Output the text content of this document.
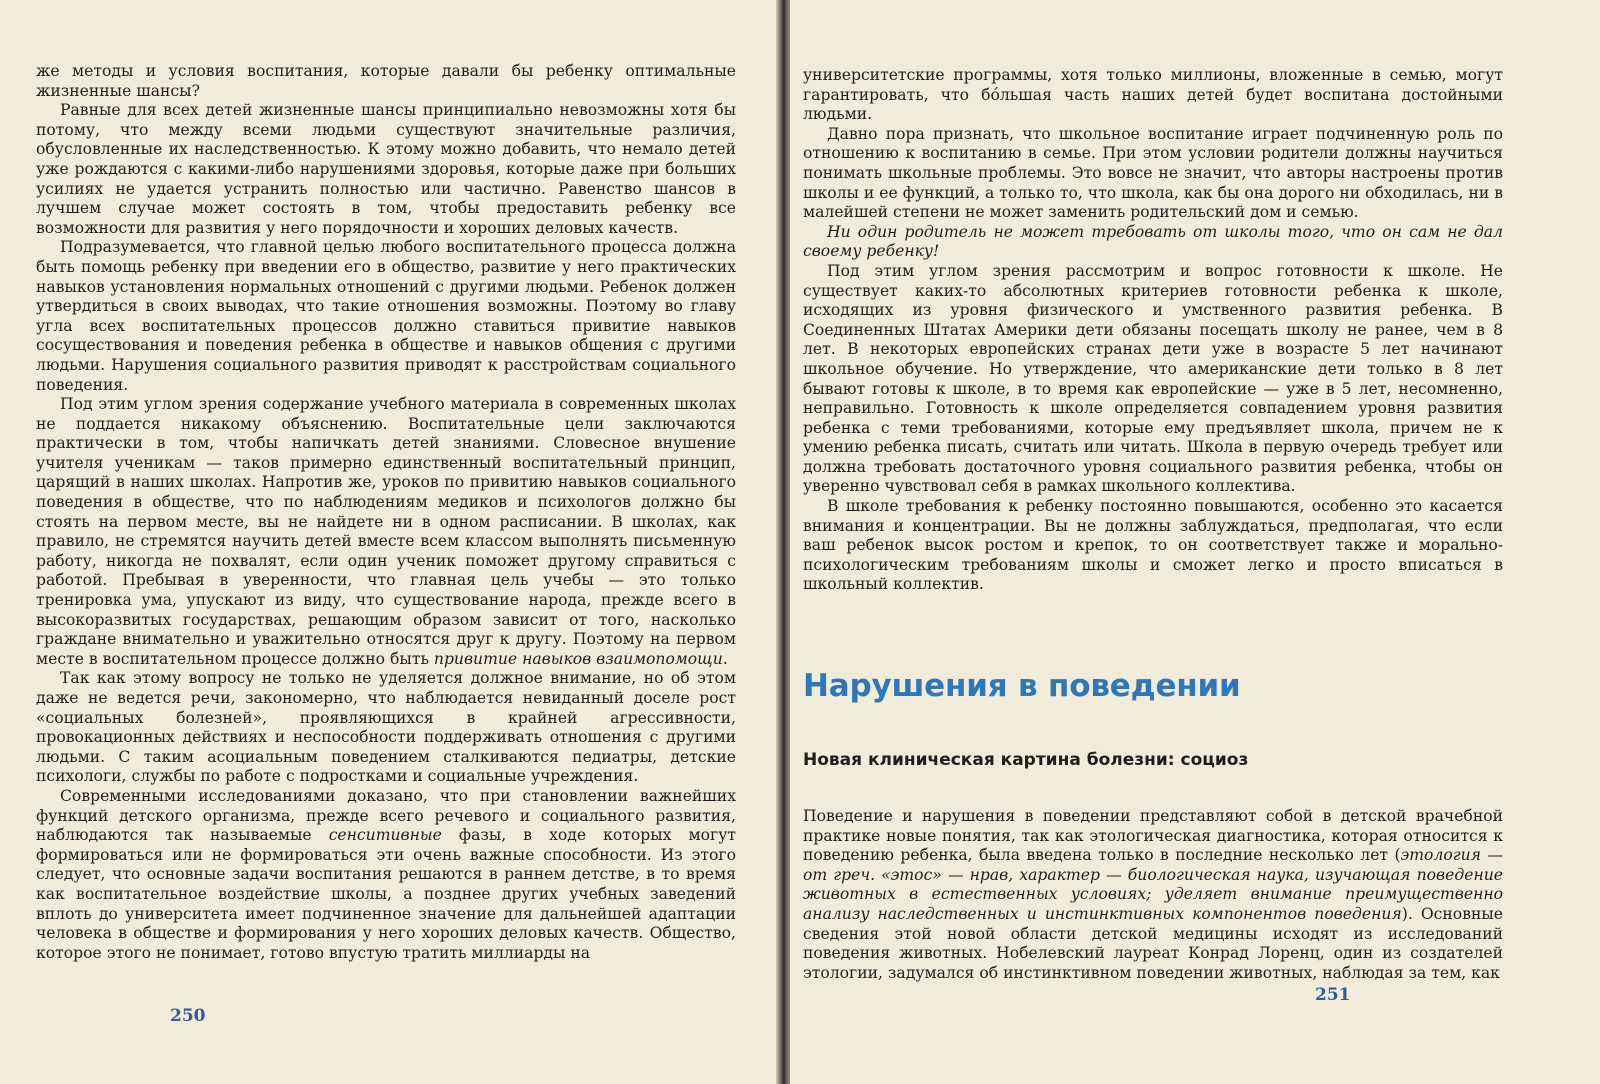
же методы и условия воспитания, которые давали бы ребенку оптимальные жизненные шансы?

Равные для всех детей жизненные шансы принципиально невозможны хотя бы потому, что между всеми людьми существуют значительные различия, обусловленные их наследственностью. К этому можно добавить, что немало детей уже рождаются с какими-либо нарушениями здоровья, которые даже при больших усилиях не удается устранить полностью или частично. Равенство шансов в лучшем случае может состоять в том, чтобы предоставить ребенку все возможности для развития у него порядочности и хороших деловых качеств.

Подразумевается, что главной целью любого воспитательного процесса должна быть помощь ребенку при введении его в общество, развитие у него практических навыков установления нормальных отношений с другими людьми. Ребенок должен утвердиться в своих выводах, что такие отношения возможны. Поэтому во главу угла всех воспитательных процессов должно ставиться привитие навыков сосуществования и поведения ребенка в обществе и навыков общения с другими людьми. Нарушения социального развития приводят к расстройствам социального поведения.

Под этим углом зрения содержание учебного материала в современных школах не поддается никакому объяснению. Воспитательные цели заключаются практически в том, чтобы напичкать детей знаниями. Словесное внушение учителя ученикам — таков примерно единственный воспитательный принцип, царящий в наших школах. Напротив же, уроков по привитию навыков социального поведения в обществе, что по наблюдениям медиков и психологов должно бы стоять на первом месте, вы не найдете ни в одном расписании. В школах, как правило, не стремятся научить детей вместе всем классом выполнять письменную работу, никогда не похвалят, если один ученик поможет другому справиться с работой. Пребывая в уверенности, что главная цель учебы — это только тренировка ума, упускают из виду, что существование народа, прежде всего в высокоразвитых государствах, решающим образом зависит от того, насколько граждане внимательно и уважительно относятся друг к другу. Поэтому на первом месте в воспитательном процессе должно быть привитие навыков взаимопомощи.

Так как этому вопросу не только не уделяется должное внимание, но об этом даже не ведется речи, закономерно, что наблюдается невиданный доселе рост «социальных болезней», проявляющихся в крайней агрессивности, провокационных действиях и неспособности поддерживать отношения с другими людьми. С таким асоциальным поведением сталкиваются педиатры, детские психологи, службы по работе с подростками и социальные учреждения.

Современными исследованиями доказано, что при становлении важнейших функций детского организма, прежде всего речевого и социального развития, наблюдаются так называемые сенситивные фазы, в ходе которых могут формироваться или не формироваться эти очень важные способности. Из этого следует, что основные задачи воспитания решаются в раннем детстве, в то время как воспитательное воздействие школы, а позднее других учебных заведений вплоть до университета имеет подчиненное значение для дальнейшей адаптации человека в обществе и формирования у него хороших деловых качеств. Общество, которое этого не понимает, готово впустую тратить миллиарды на

250

университетские программы, хотя только миллионы, вложенные в семью, могут гарантировать, что бóльшая часть наших детей будет воспитана достойными людьми.

Давно пора признать, что школьное воспитание играет подчиненную роль по отношению к воспитанию в семье. При этом условии родители должны научиться понимать школьные проблемы. Это вовсе не значит, что авторы настроены против школы и ее функций, а только то, что школа, как бы она дорого ни обходилась, ни в малейшей степени не может заменить родительский дом и семью.

Ни один родитель не может требовать от школы того, что он сам не дал своему ребенку!

Под этим углом зрения рассмотрим и вопрос готовности к школе. Не существует каких-то абсолютных критериев готовности ребенка к школе, исходящих из уровня физического и умственного развития ребенка. В Соединенных Штатах Америки дети обязаны посещать школу не ранее, чем в 8 лет. В некоторых европейских странах дети уже в возрасте 5 лет начинают школьное обучение. Но утверждение, что американские дети только в 8 лет бывают готовы к школе, в то время как европейские — уже в 5 лет, несомненно, неправильно. Готовность к школе определяется совпадением уровня развития ребенка с теми требованиями, которые ему предъявляет школа, причем не к умению ребенка писать, считать или читать. Школа в первую очередь требует или должна требовать достаточного уровня социального развития ребенка, чтобы он уверенно чувствовал себя в рамках школьного коллектива.

В школе требования к ребенку постоянно повышаются, особенно это касается внимания и концентрации. Вы не должны заблуждаться, предполагая, что если ваш ребенок высок ростом и крепок, то он соответствует также и морально-психологическим требованиям школы и сможет легко и просто вписаться в школьный коллектив.

Нарушения в поведении
Новая клиническая картина болезни: социоз

Поведение и нарушения в поведении представляют собой в детской врачебной практике новые понятия, так как этологическая диагностика, которая относится к поведению ребенка, была введена только в последние несколько лет (этология — от греч. «этос» — нрав, характер — биологическая наука, изучающая поведение животных в естественных условиях; уделяет внимание преимущественно анализу наследственных и инстинктивных компонентов поведения). Основные сведения этой новой области детской медицины исходят из исследований поведения животных. Нобелевский лауреат Конрад Лоренц, один из создателей этологии, задумался об инстинктивном поведении животных, наблюдая за тем, как

251
